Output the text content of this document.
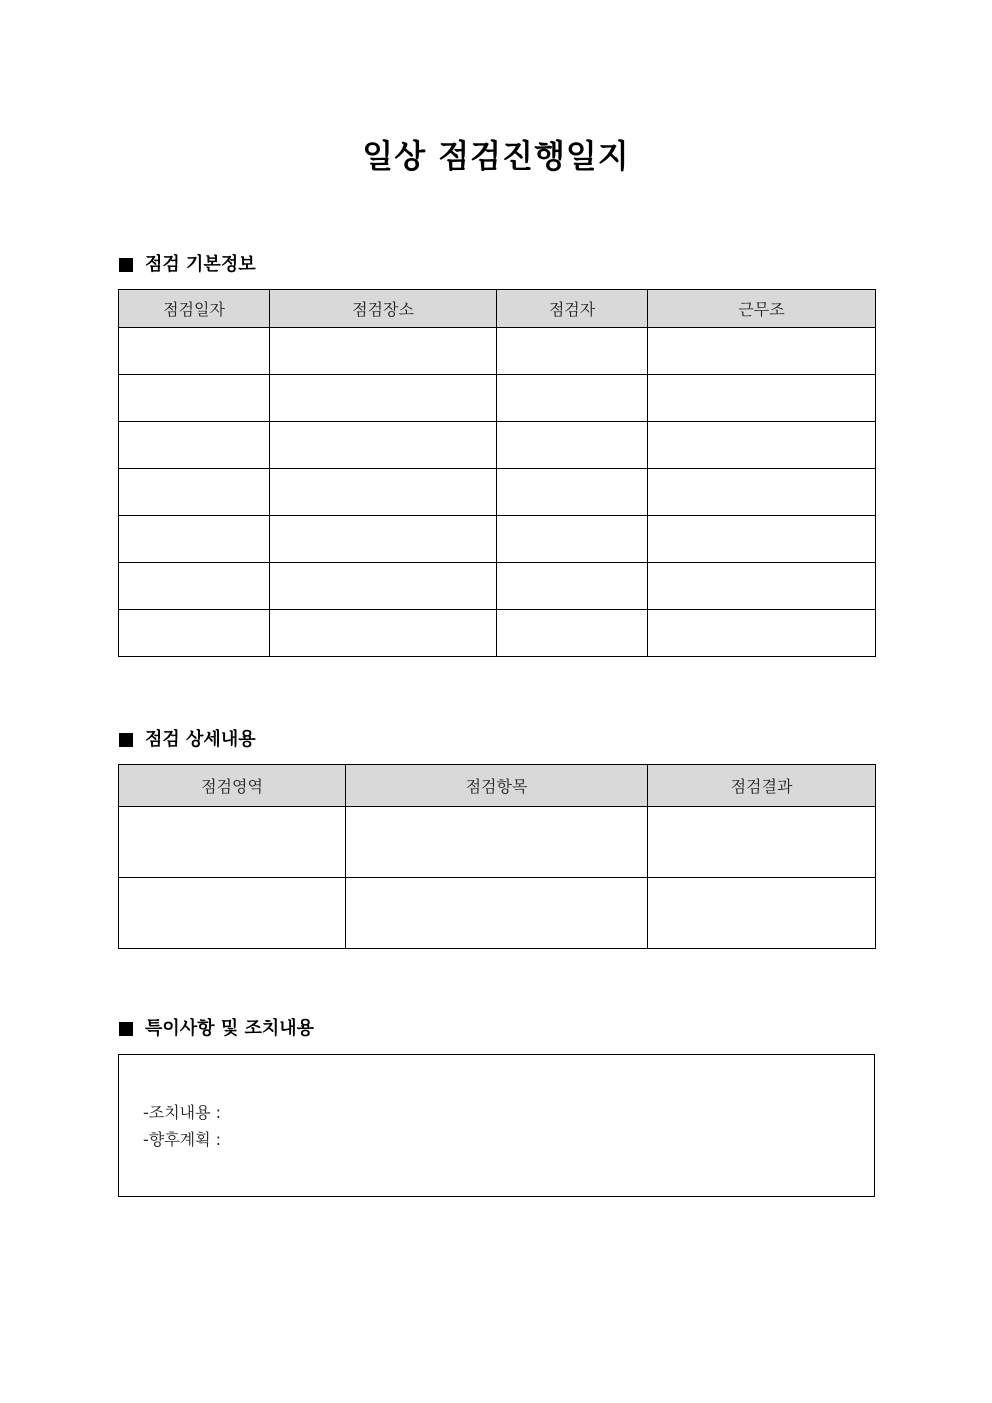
일상 점검진행일지
점검 기본정보
점검일자	점검장소	점검자	근무조

점검 상세내용
점검영역	점검항목	점검결과

특이사항 및 조치내용
-조치내용 :
-향후계획 :
